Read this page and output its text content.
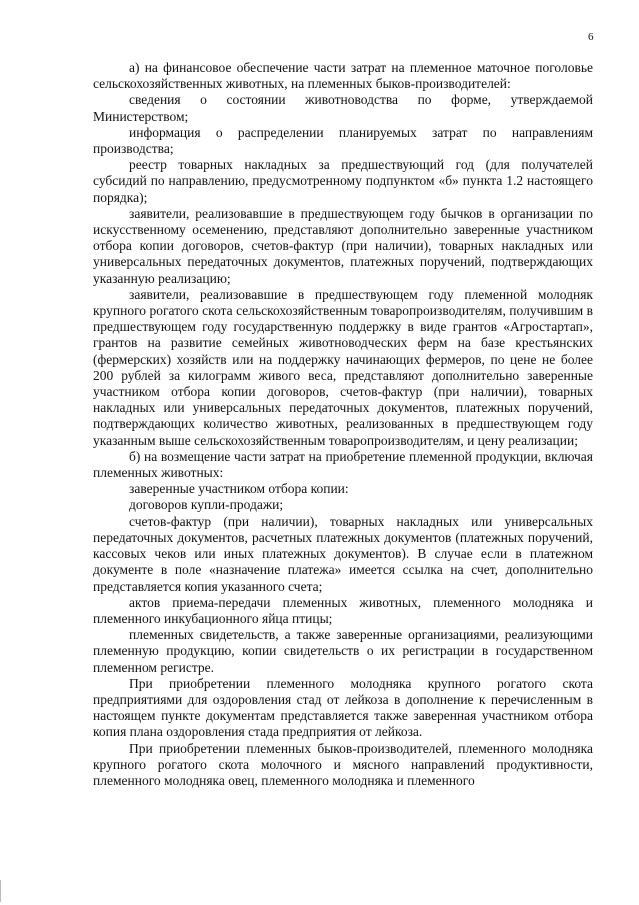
6

а) на финансовое обеспечение части затрат на племенное маточное поголовье сельскохозяйственных животных, на племенных быков-производителей:

сведения о состоянии животноводства по форме, утверждаемой Министерством;

информация о распределении планируемых затрат по направлениям производства;

реестр товарных накладных за предшествующий год (для получателей субсидий по направлению, предусмотренному подпунктом «б» пункта 1.2 настоящего порядка);

заявители, реализовавшие в предшествующем году бычков в организации по искусственному осеменению, представляют дополнительно заверенные участником отбора копии договоров, счетов-фактур (при наличии), товарных накладных или универсальных передаточных документов, платежных поручений, подтверждающих указанную реализацию;

заявители, реализовавшие в предшествующем году племенной молодняк крупного рогатого скота сельскохозяйственным товаропроизводителям, получившим в предшествующем году государственную поддержку в виде грантов «Агростартап», грантов на развитие семейных животноводческих ферм на базе крестьянских (фермерских) хозяйств или на поддержку начинающих фермеров, по цене не более 200 рублей за килограмм живого веса, представляют дополнительно заверенные участником отбора копии договоров, счетов-фактур (при наличии), товарных накладных или универсальных передаточных документов, платежных поручений, подтверждающих количество животных, реализованных в предшествующем году указанным выше сельскохозяйственным товаропроизводителям, и цену реализации;

б) на возмещение части затрат на приобретение племенной продукции, включая племенных животных:

заверенные участником отбора копии:

договоров купли-продажи;

счетов-фактур (при наличии), товарных накладных или универсальных передаточных документов, расчетных платежных документов (платежных поручений, кассовых чеков или иных платежных документов). В случае если в платежном документе в поле «назначение платежа» имеется ссылка на счет, дополнительно представляется копия указанного счета;

актов приема-передачи племенных животных, племенного молодняка и племенного инкубационного яйца птицы;

племенных свидетельств, а также заверенные организациями, реализующими племенную продукцию, копии свидетельств о их регистрации в государственном племенном регистре.

При приобретении племенного молодняка крупного рогатого скота предприятиями для оздоровления стад от лейкоза в дополнение к перечисленным в настоящем пункте документам представляется также заверенная участником отбора копия плана оздоровления стада предприятия от лейкоза.

При приобретении племенных быков-производителей, племенного молодняка крупного рогатого скота молочного и мясного направлений продуктивности, племенного молодняка овец, племенного молодняка и племенного
